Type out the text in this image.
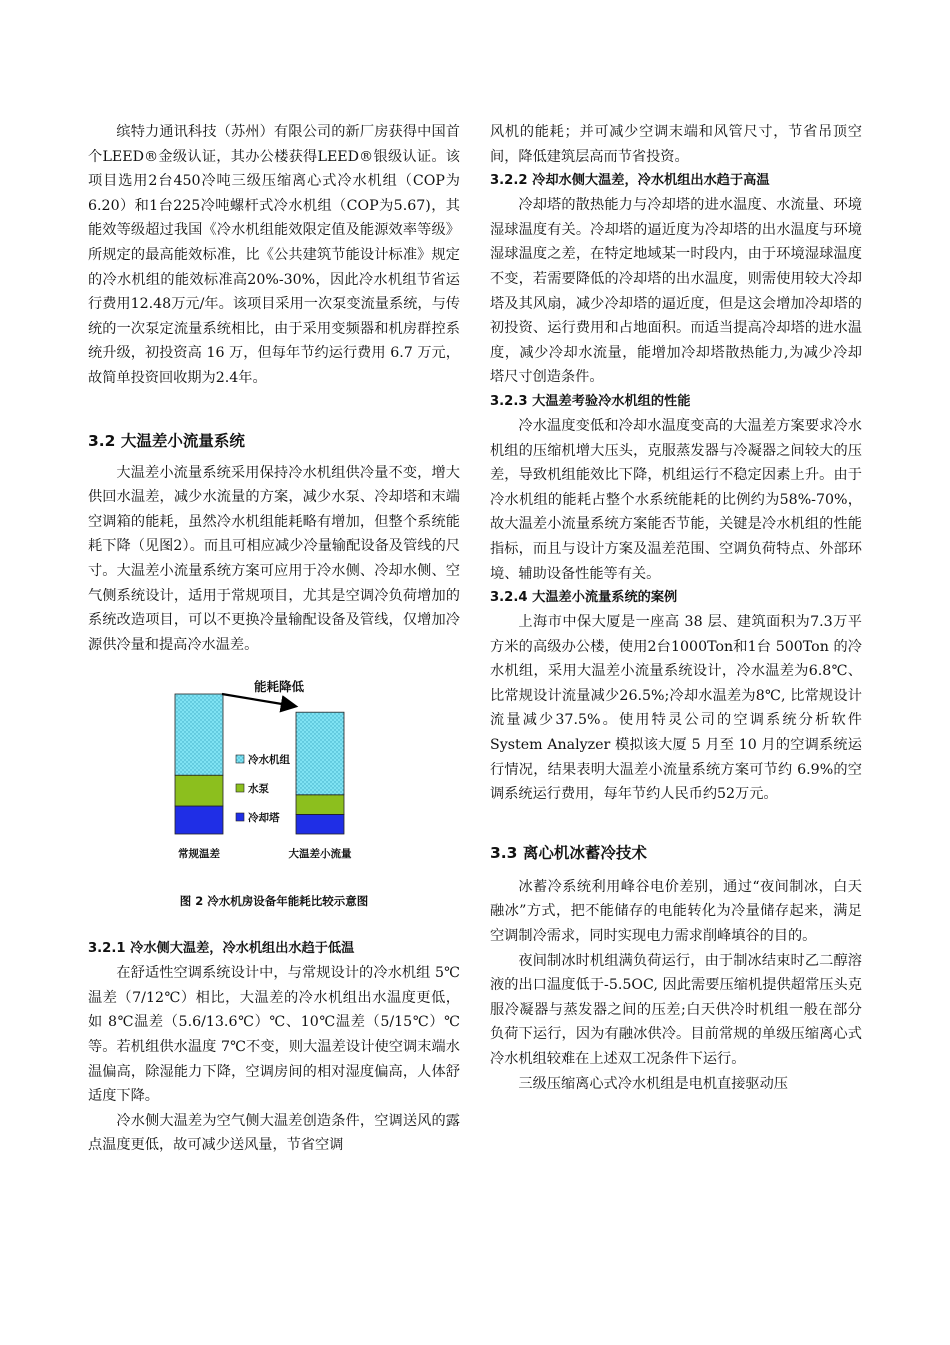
缤特力通讯科技（苏州）有限公司的新厂房获得中国首个LEED®金级认证，其办公楼获得LEED®银级认证。该项目选用2台450冷吨三级压缩离心式冷水机组（COP为6.20）和1台225冷吨螺杆式冷水机组（COP为5.67)，其能效等级超过我国《冷水机组能效限定值及能源效率等级》所规定的最高能效标准，比《公共建筑节能设计标准》规定的冷水机组的能效标准高20%-30%，因此冷水机组节省运行费用12.48万元/年。该项目采用一次泵变流量系统，与传统的一次泵定流量系统相比，由于采用变频器和机房群控系统升级，初投资高 16 万，但每年节约运行费用 6.7 万元，故简单投资回收期为2.4年。

3.2 大温差小流量系统

大温差小流量系统采用保持冷水机组供冷量不变，增大供回水温差，减少水流量的方案，减少水泵、冷却塔和末端空调箱的能耗，虽然冷水机组能耗略有增加，但整个系统能耗下降（见图2）。而且可相应减少冷量输配设备及管线的尺寸。大温差小流量系统方案可应用于冷水侧、冷却水侧、空气侧系统设计，适用于常规项目，尤其是空调冷负荷增加的系统改造项目，可以不更换冷量输配设备及管线，仅增加冷源供冷量和提高冷水温差。

能耗降低
冷水机组
水泵
冷却塔
常规温差	大温差小流量
图 2 冷水机房设备年能耗比较示意图
3.2.1 冷水侧大温差，冷水机组出水趋于低温

在舒适性空调系统设计中，与常规设计的冷水机组 5℃温差（7/12℃）相比，大温差的冷水机组出水温度更低，如 8℃温差（5.6/13.6℃）℃、10℃温差（5/15℃）℃等。若机组供水温度 7℃不变，则大温差设计使空调末端水温偏高，除湿能力下降，空调房间的相对湿度偏高，人体舒适度下降。

冷水侧大温差为空气侧大温差创造条件，空调送风的露点温度更低，故可减少送风量，节省空调

风机的能耗；并可减少空调末端和风管尺寸，节省吊顶空间，降低建筑层高而节省投资。

3.2.2 冷却水侧大温差，冷水机组出水趋于高温

冷却塔的散热能力与冷却塔的进水温度、水流量、环境湿球温度有关。冷却塔的逼近度为冷却塔的出水温度与环境湿球温度之差，在特定地域某一时段内，由于环境湿球温度不变，若需要降低的冷却塔的出水温度，则需使用较大冷却塔及其风扇，减少冷却塔的逼近度，但是这会增加冷却塔的初投资、运行费用和占地面积。而适当提高冷却塔的进水温度，减少冷却水流量，能增加冷却塔散热能力,为减少冷却塔尺寸创造条件。

3.2.3 大温差考验冷水机组的性能

冷水温度变低和冷却水温度变高的大温差方案要求冷水机组的压缩机增大压头，克服蒸发器与冷凝器之间较大的压差，导致机组能效比下降，机组运行不稳定因素上升。由于冷水机组的能耗占整个水系统能耗的比例约为58%-70%，故大温差小流量系统方案能否节能，关键是冷水机组的性能指标，而且与设计方案及温差范围、空调负荷特点、外部环境、辅助设备性能等有关。

3.2.4 大温差小流量系统的案例

上海市中保大厦是一座高 38 层、建筑面积为7.3万平方米的高级办公楼，使用2台1000Ton和1台 500Ton 的冷水机组，采用大温差小流量系统设计，冷水温差为6.8℃、比常规设计流量减少26.5%;冷却水温差为8℃, 比常规设计流量减少37.5%。使用特灵公司的空调系统分析软件 System Analyzer 模拟该大厦 5 月至 10 月的空调系统运行情况，结果表明大温差小流量系统方案可节约 6.9%的空调系统运行费用，每年节约人民币约52万元。

3.3 离心机冰蓄冷技术

冰蓄冷系统利用峰谷电价差别，通过“夜间制冰，白天融冰”方式，把不能储存的电能转化为冷量储存起来，满足空调制冷需求，同时实现电力需求削峰填谷的目的。

夜间制冰时机组满负荷运行，由于制冰结束时乙二醇溶液的出口温度低于-5.5OC, 因此需要压缩机提供超常压头克服冷凝器与蒸发器之间的压差;白天供冷时机组一般在部分负荷下运行，因为有融冰供冷。目前常规的单级压缩离心式冷水机组较难在上述双工况条件下运行。

三级压缩离心式冷水机组是电机直接驱动压
